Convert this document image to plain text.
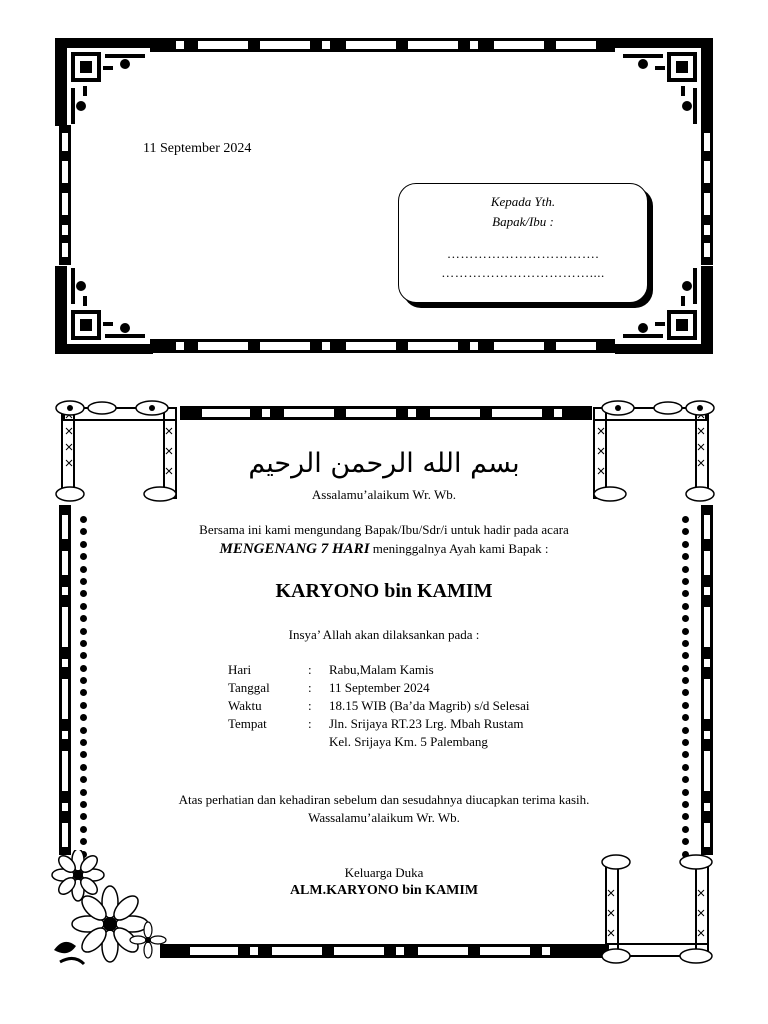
11 September 2024
Kepada Yth.
Bapak/Ibu :
…………………………….
……………………………....
بسم الله الرحمن الرحيم
Assalamu’alaikum Wr. Wb.
Bersama ini kami mengundang Bapak/Ibu/Sdr/i untuk hadir pada acara
MENGENANG 7 HARI meninggalnya Ayah kami Bapak :
KARYONO bin KAMIM
Insya’ Allah akan dilaksankan pada :
Hari	:	Rabu,Malam Kamis
Tanggal	:	11 September 2024
Waktu	:	18.15 WIB (Ba’da Magrib) s/d Selesai
Tempat	:	Jln. Srijaya RT.23 Lrg. Mbah Rustam
		Kel. Srijaya Km. 5 Palembang
Atas perhatian dan kehadiran sebelum dan sesudahnya diucapkan terima kasih.
Wassalamu’alaikum Wr. Wb.
Keluarga Duka
ALM.KARYONO bin KAMIM
